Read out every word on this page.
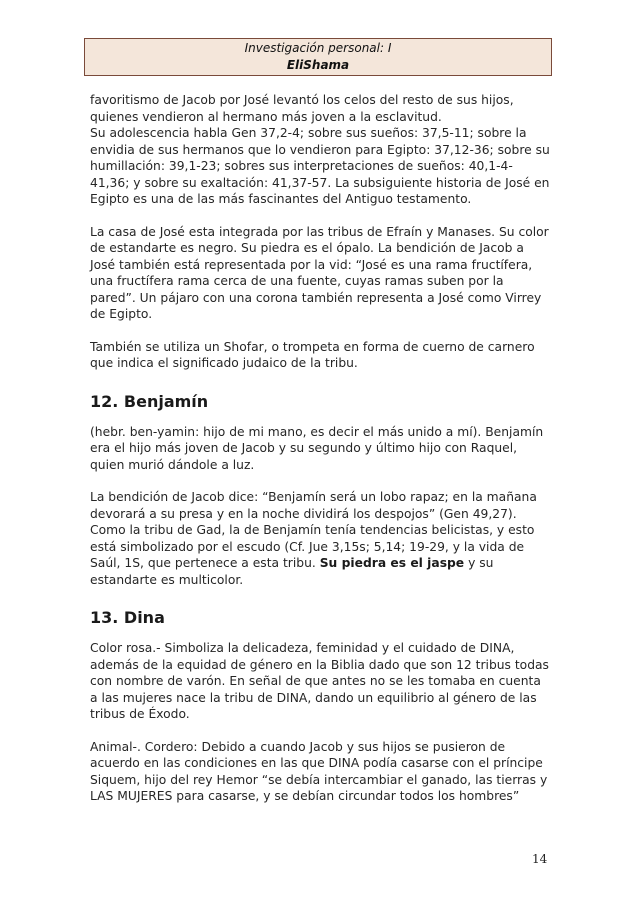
Investigación personal: I
EliShama

favoritismo de Jacob por José levantó los celos del resto de sus hijos, quienes vendieron al hermano más joven a la esclavitud.

Su adolescencia habla Gen 37,2-4; sobre sus sueños: 37,5-11; sobre la envidia de sus hermanos que lo vendieron para Egipto: 37,12-36; sobre su humillación: 39,1-23; sobres sus interpretaciones de sueños: 40,1-4-41,36; y sobre su exaltación: 41,37-57. La subsiguiente historia de José en Egipto es una de las más fascinantes del Antiguo testamento.

La casa de José esta integrada por las tribus de Efraín y Manases. Su color de estandarte es negro. Su piedra es el ópalo. La bendición de Jacob a José también está representada por la vid: “José es una rama fructífera, una fructífera rama cerca de una fuente, cuyas ramas suben por la pared”. Un pájaro con una corona también representa a José como Virrey de Egipto.

También se utiliza un Shofar, o trompeta en forma de cuerno de carnero que indica el significado judaico de la tribu.

12. Benjamín

(hebr. ben-yamin: hijo de mi mano, es decir el más unido a mí). Benjamín era el hijo más joven de Jacob y su segundo y último hijo con Raquel, quien murió dándole a luz.

La bendición de Jacob dice: “Benjamín será un lobo rapaz; en la mañana devorará a su presa y en la noche dividirá los despojos” (Gen 49,27). Como la tribu de Gad, la de Benjamín tenía tendencias belicistas, y esto está simbolizado por el escudo (Cf. Jue 3,15s; 5,14; 19-29, y la vida de Saúl, 1S, que pertenece a esta tribu. Su piedra es el jaspe y su estandarte es multicolor.

13. Dina

Color rosa.- Simboliza la delicadeza, feminidad y el cuidado de DINA, además de la equidad de género en la Biblia dado que son 12 tribus todas con nombre de varón. En señal de que antes no se les tomaba en cuenta a las mujeres nace la tribu de DINA, dando un equilibrio al género de las tribus de Éxodo.

Animal-. Cordero: Debido a cuando Jacob y sus hijos se pusieron de acuerdo en las condiciones en las que DINA podía casarse con el príncipe Siquem, hijo del rey Hemor “se debía intercambiar el ganado, las tierras y LAS MUJERES para casarse, y se debían circundar todos los hombres”

14
